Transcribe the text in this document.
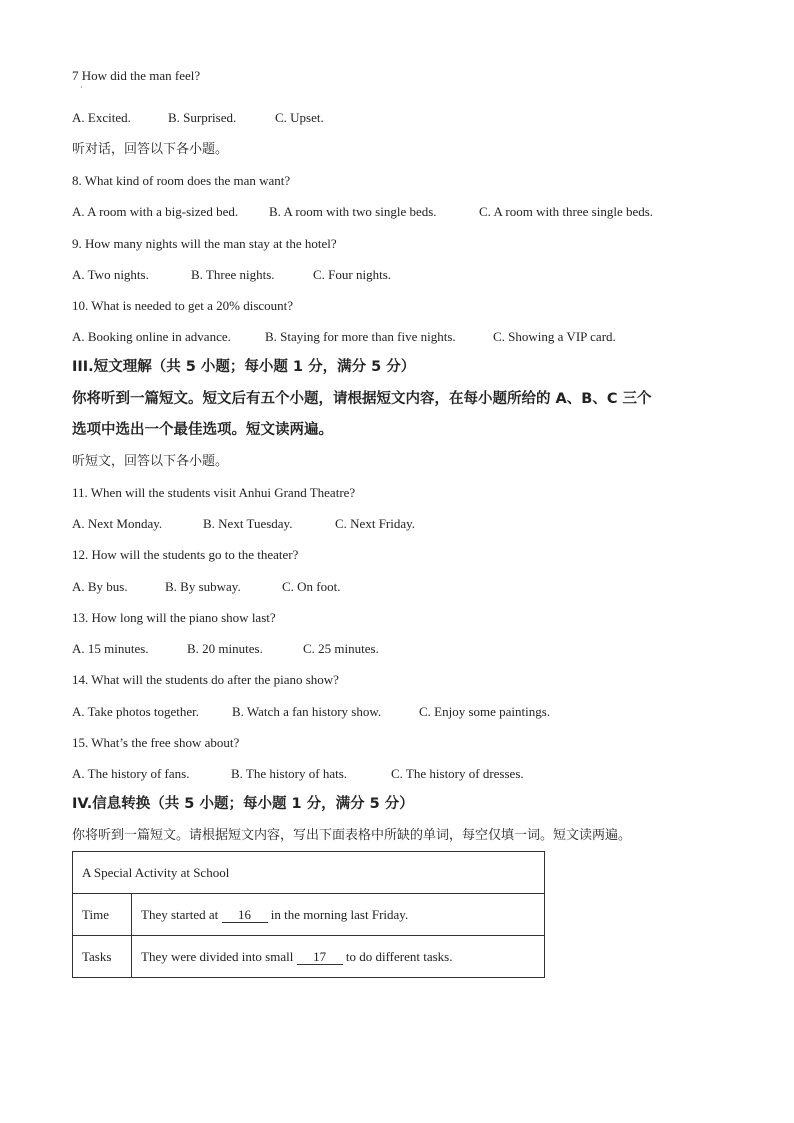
7 How did the man feel?
·
A. Excited.	B. Surprised.	C. Upset.
听对话，回答以下各小题。
8. What kind of room does the man want?
A. A room with a big-sized bed. B. A room with two single beds.	C. A room with three single beds.
9. How many nights will the man stay at the hotel?
A. Two nights.	B. Three nights.	C. Four nights.
10. What is needed to get a 20% discount?
A. Booking online in advance.	B. Staying for more than five nights.	C. Showing a VIP card.
III.短文理解（共 5 小题；每小题 1 分，满分 5 分）
你将听到一篇短文。短文后有五个小题，请根据短文内容，在每小题所给的 A、B、C 三个
选项中选出一个最佳选项。短文读两遍。
听短文，回答以下各小题。
11. When will the students visit Anhui Grand Theatre?
A. Next Monday.	B. Next Tuesday.	C. Next Friday.
12. How will the students go to the theater?
A. By bus.	B. By subway.	C. On foot.
13. How long will the piano show last?
A. 15 minutes.	B. 20 minutes.	C. 25 minutes.
14. What will the students do after the piano show?
A. Take photos together.	B. Watch a fan history show.	C. Enjoy some paintings.
15. What’s the free show about?
A. The history of fans.	B. The history of hats.	C. The history of dresses.
IV.信息转换（共 5 小题；每小题 1 分，满分 5 分）
你将听到一篇短文。请根据短文内容，写出下面表格中所缺的单词，每空仅填一词。短文读两遍。
A Special Activity at School	
Time	They started at 16 in the morning last Friday.
Tasks	They were divided into small 17 to do different tasks.
